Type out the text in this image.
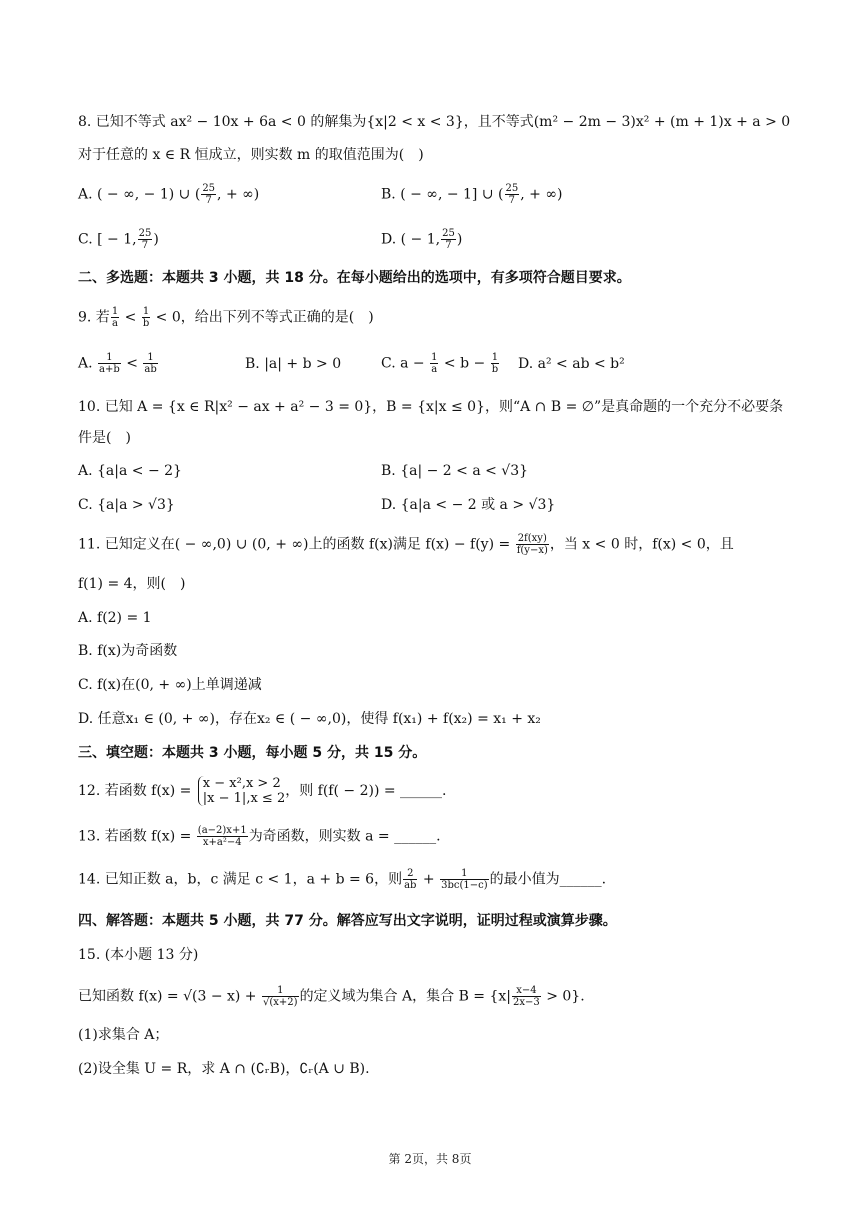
8. 已知不等式 ax² − 10x + 6a < 0 的解集为{x|2 < x < 3}，且不等式(m² − 2m − 3)x² + (m + 1)x + a > 0
对于任意的 x ∈ R 恒成立，则实数 m 的取值范围为(　)
A. ( − ∞, − 1) ∪ ( $\frac{25}{7}$ , + ∞)	B. ( − ∞, − 1] ∪ ( $\frac{25}{7}$ , + ∞)
C. [ − 1, $\frac{25}{7}$ )	D. ( − 1, $\frac{25}{7}$ )
二、多选题：本题共 3 小题，共 18 分。在每小题给出的选项中，有多项符合题目要求。
9. 若 $\frac{1}{a} < \frac{1}{b} < 0$，给出下列不等式正确的是(　)
A. $\frac{1}{a+b} < \frac{1}{ab}$	B. |a| + b > 0	C. $a - \frac{1}{a} < b - \frac{1}{b} D$. a² < ab < b²
10. 已知 A = {x ∈ R|x² − ax + a² − 3 = 0}，B = {x|x ≤ 0}，则“A ∩ B = ∅”是真命题的一个充分不必要条
件是(　)
A. {a|a < − 2}	B. {a| − 2 < a < √3}
C. {a|a > √3}	D. {a|a < − 2 或 a > √3}
11. 已知定义在( − ∞,0) ∪ (0, + ∞)上的函数 f(x)满足 $f(x) - f(y) = \frac{2f(xy)}{f(y-x)}$ ，当 x < 0 时，f(x) < 0，且
f(1) = 4，则(　)
A. f(2) = 1
B. f(x)为奇函数
C. f(x)在(0, + ∞)上单调递减
D. 任意x₁ ∈ (0, + ∞)，存在x₂ ∈ ( − ∞,0)，使得 f(x₁) + f(x₂) = x₁ + x₂
三、填空题：本题共 3 小题，每小题 5 分，共 15 分。
12. 若函数 f(x) = x − x²,x > 2
|x − 1|,x ≤ 2 ，则 f(f( − 2)) = ______.
13. 若函数 $f(x) = \frac{(a-2)x+1}{\text{x+a²−4}}$ 为奇函数，则实数 a = ______.
14. 已知正数 a，b，c 满足 c < 1，a + b = 6，则 $\frac{2}{ab} + \frac{1}{3bc(1-c)}$ 的最小值为______.
四、解答题：本题共 5 小题，共 77 分。解答应写出文字说明，证明过程或演算步骤。
15. (本小题 13 分)
已知函数 $f(x) = √(3 - x) + \frac{1}{√(x+2)}$ 的定义域为集合 A，集合 $B = \{x| \frac{x-4}{2x-3} > 0\}$.
(1)求集合 A；
(2)设全集 U = R，求 A ∩ (∁ᵣB)，∁ᵣ(A ∪ B).
第 2页，共 8页
